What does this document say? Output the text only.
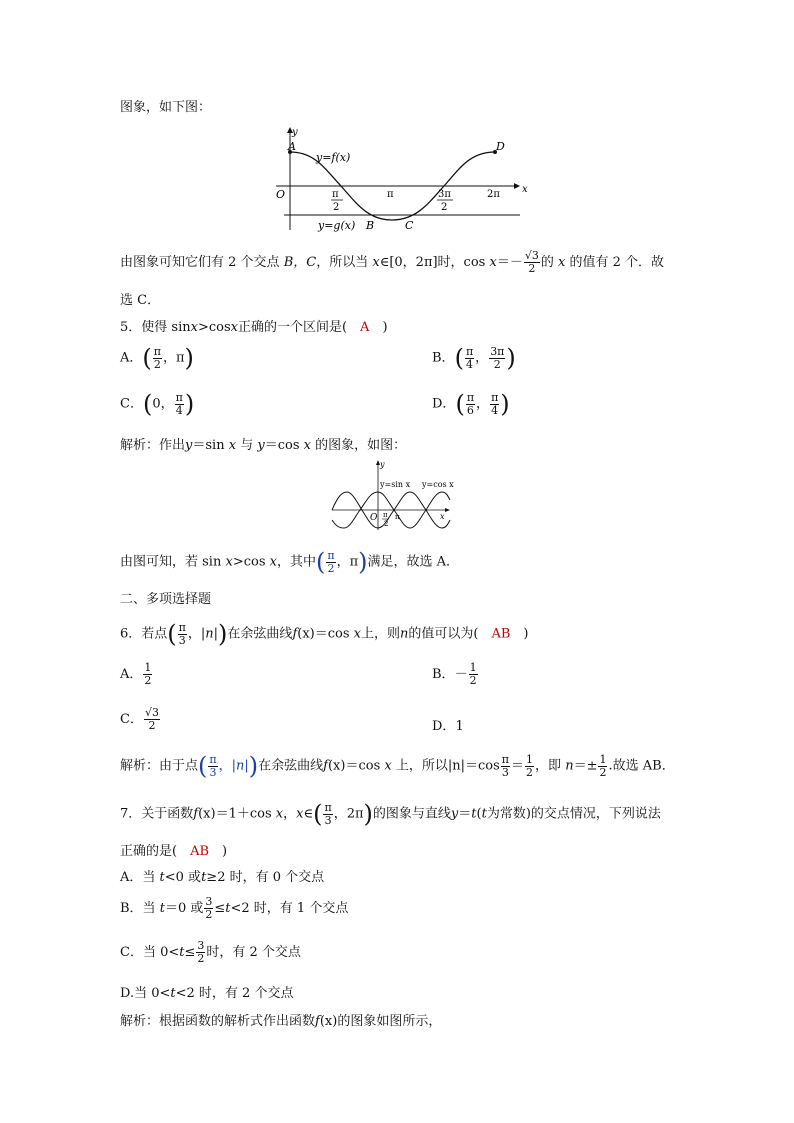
图象，如下图：
y
x
O
A	D
B	C
y=f(x)
y=g(x)
π
2
π	3π
2
2π
由图象可知它们有 2 个交点 B，C，所以当 x∈[0，2π]时，$\cos x=- \frac{√3}{2}$ 的 x 的值有 2 个．故
选 C．
5．使得 sinx>cosx正确的一个区间是(　A　)
A．( $\frac{\pi}{2}$ ，π)	B．( $\frac{\pi}{4}$ ， $\frac{3\pi}{2}$ )
C．(0， $\frac{\pi}{4}$ )	D．( $\frac{\pi}{6}$ ， $\frac{\pi}{4}$ )
解析：作出y＝sin x 与 y＝cos x 的图象，如图：
y
x
O
y=sin x y=cos x
π
2
π
由图可知，若 sin x>cos x，其中( $\frac{\pi}{2}$ ，π)满足，故选 A．
二、多项选择题
6．若点( $\frac{\pi}{3}$ ，|n|)在余弦曲线f(x)＝cos x上，则n的值可以为(　AB　)
A． $\frac{1}{2}$	B．－ $\frac{1}{2}$
C． $\frac{√3}{2}$	D．1
解析：由于点( $\frac{\pi}{3}$ ，|n|)在余弦曲线f(x)＝cos x 上，所以$|n|=\cos \frac{\pi}{3} = \frac{1}{2}$ ，即 $n=\pm \frac{1}{2}$ .故选 AB．
7．关于函数f(x)＝1＋cos x，x∈( $\frac{\pi}{3}$ ，2π)的图象与直线y＝t(t为常数)的交点情况，下列说法
正确的是(　AB　)
A．当 t<0 或t≥2 时，有 0 个交点
B．当 t＝0 或 $\frac{3}{2} \le t<2$ 时，有 1 个交点
C．当 $0<t\le \frac{3}{2}$ 时，有 2 个交点
D.当 0<t<2 时，有 2 个交点
解析：根据函数的解析式作出函数f(x)的图象如图所示，
